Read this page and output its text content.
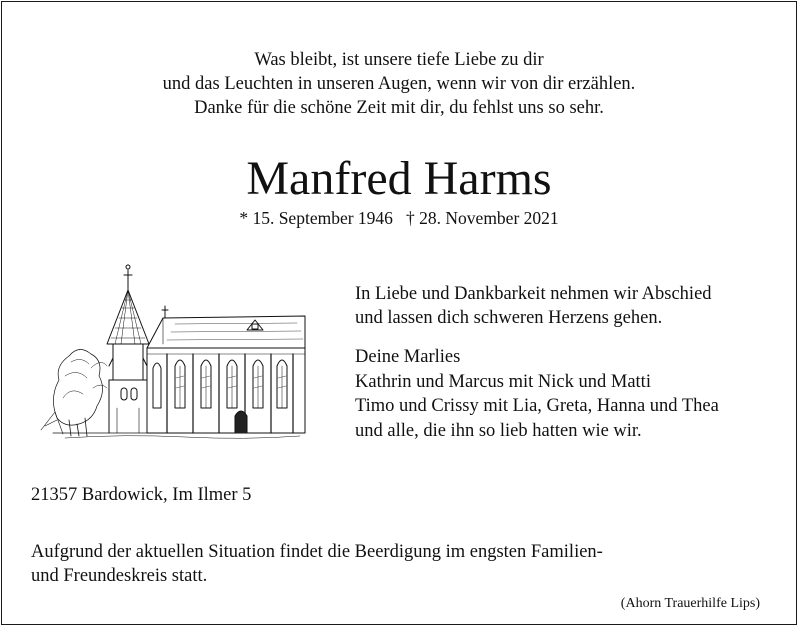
Was bleibt, ist unsere tiefe Liebe zu dir
und das Leuchten in unseren Augen, wenn wir von dir erzählen.
Danke für die schöne Zeit mit dir, du fehlst uns so sehr.
Manfred Harms
* 15. September 1946   † 28. November 2021
In Liebe und Dankbarkeit nehmen wir Abschied
und lassen dich schweren Herzens gehen.
Deine Marlies
Kathrin und Marcus mit Nick und Matti
Timo und Crissy mit Lia, Greta, Hanna und Thea
und alle, die ihn so lieb hatten wie wir.
21357 Bardowick, Im Ilmer 5
Aufgrund der aktuellen Situation findet die Beerdigung im engsten Familien-
und Freundeskreis statt.
(Ahorn Trauerhilfe Lips)
